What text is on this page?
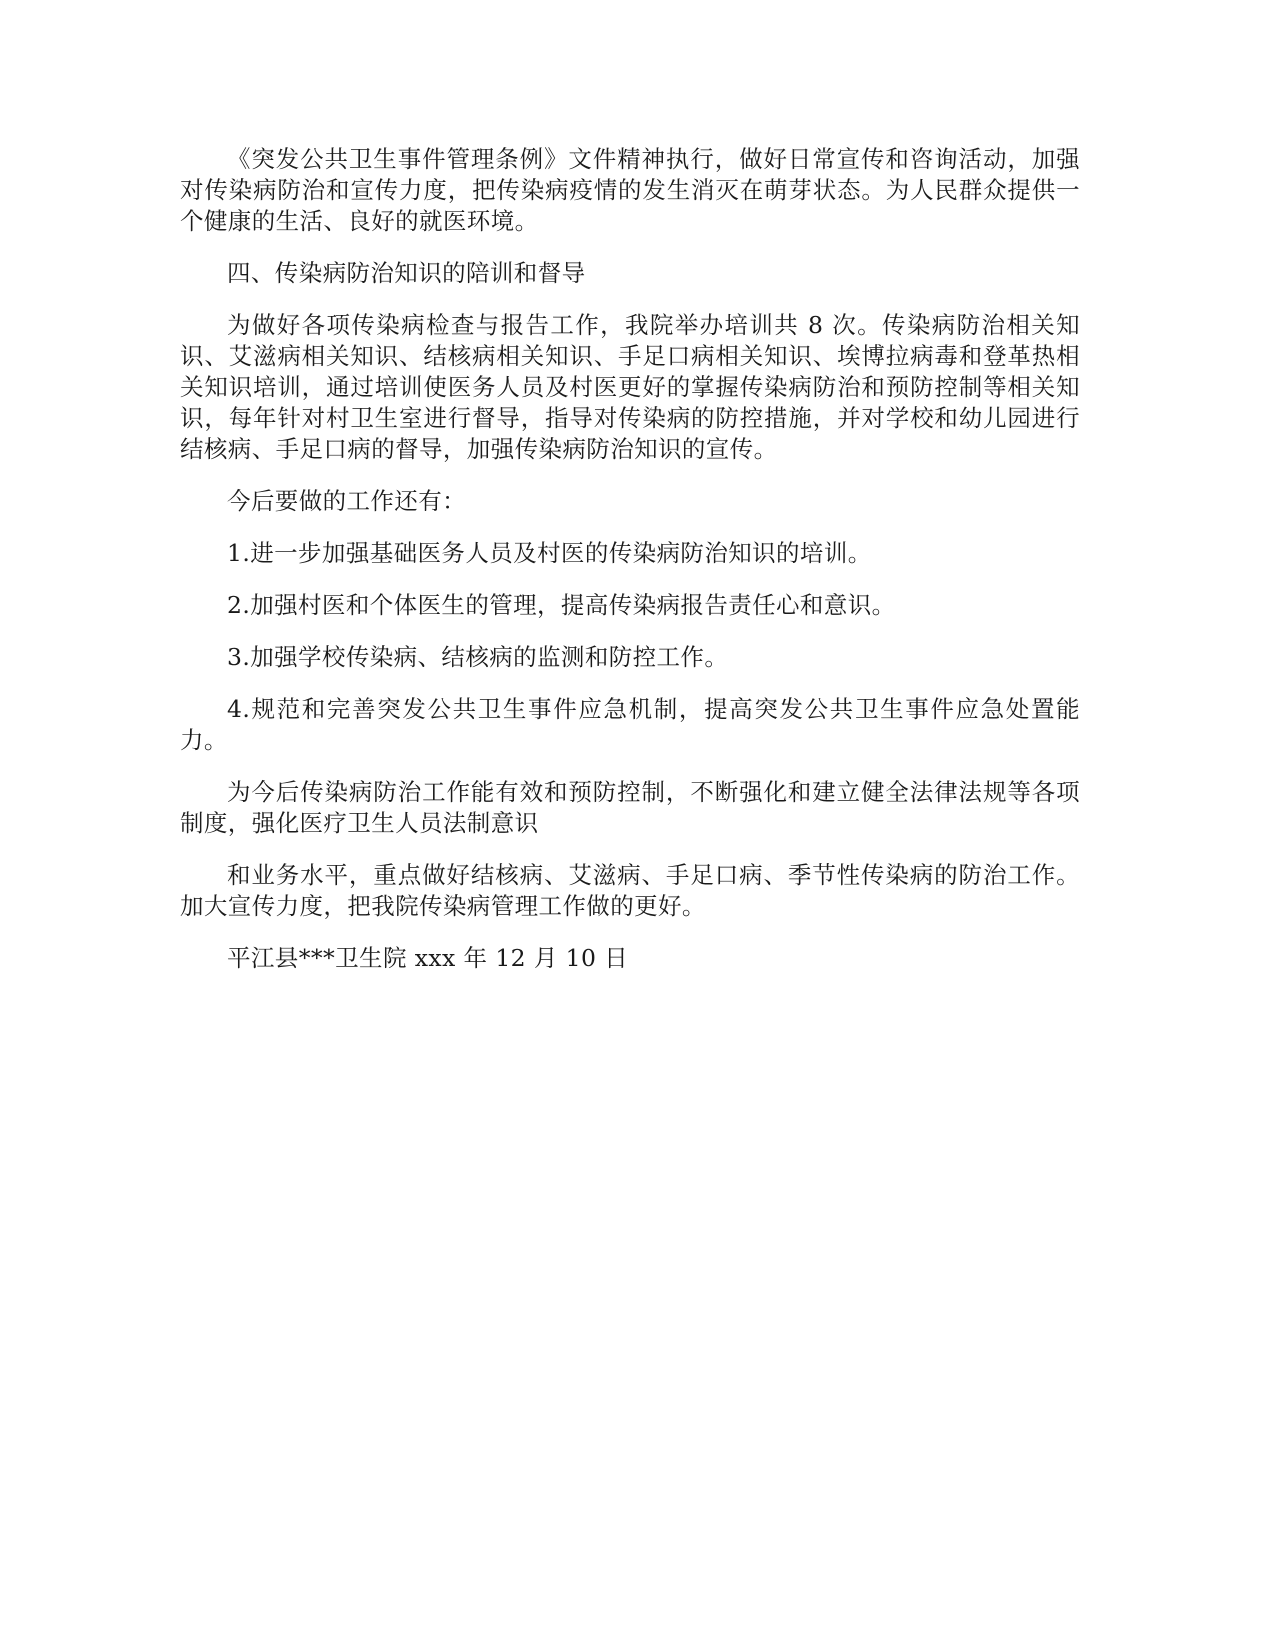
《突发公共卫生事件管理条例》文件精神执行，做好日常宣传和咨询活动，加强对传染病防治和宣传力度，把传染病疫情的发生消灭在萌芽状态。为人民群众提供一个健康的生活、良好的就医环境。

四、传染病防治知识的陪训和督导

为做好各项传染病检查与报告工作，我院举办培训共 8 次。传染病防治相关知识、艾滋病相关知识、结核病相关知识、手足口病相关知识、埃博拉病毒和登革热相关知识培训，通过培训使医务人员及村医更好的掌握传染病防治和预防控制等相关知识，每年针对村卫生室进行督导，指导对传染病的防控措施，并对学校和幼儿园进行结核病、手足口病的督导，加强传染病防治知识的宣传。

今后要做的工作还有：

1.进一步加强基础医务人员及村医的传染病防治知识的培训。

2.加强村医和个体医生的管理，提高传染病报告责任心和意识。

3.加强学校传染病、结核病的监测和防控工作。

4.规范和完善突发公共卫生事件应急机制，提高突发公共卫生事件应急处置能力。

为今后传染病防治工作能有效和预防控制，不断强化和建立健全法律法规等各项制度，强化医疗卫生人员法制意识

和业务水平，重点做好结核病、艾滋病、手足口病、季节性传染病的防治工作。加大宣传力度，把我院传染病管理工作做的更好。

平江县***卫生院 xxx 年 12 月 10 日
